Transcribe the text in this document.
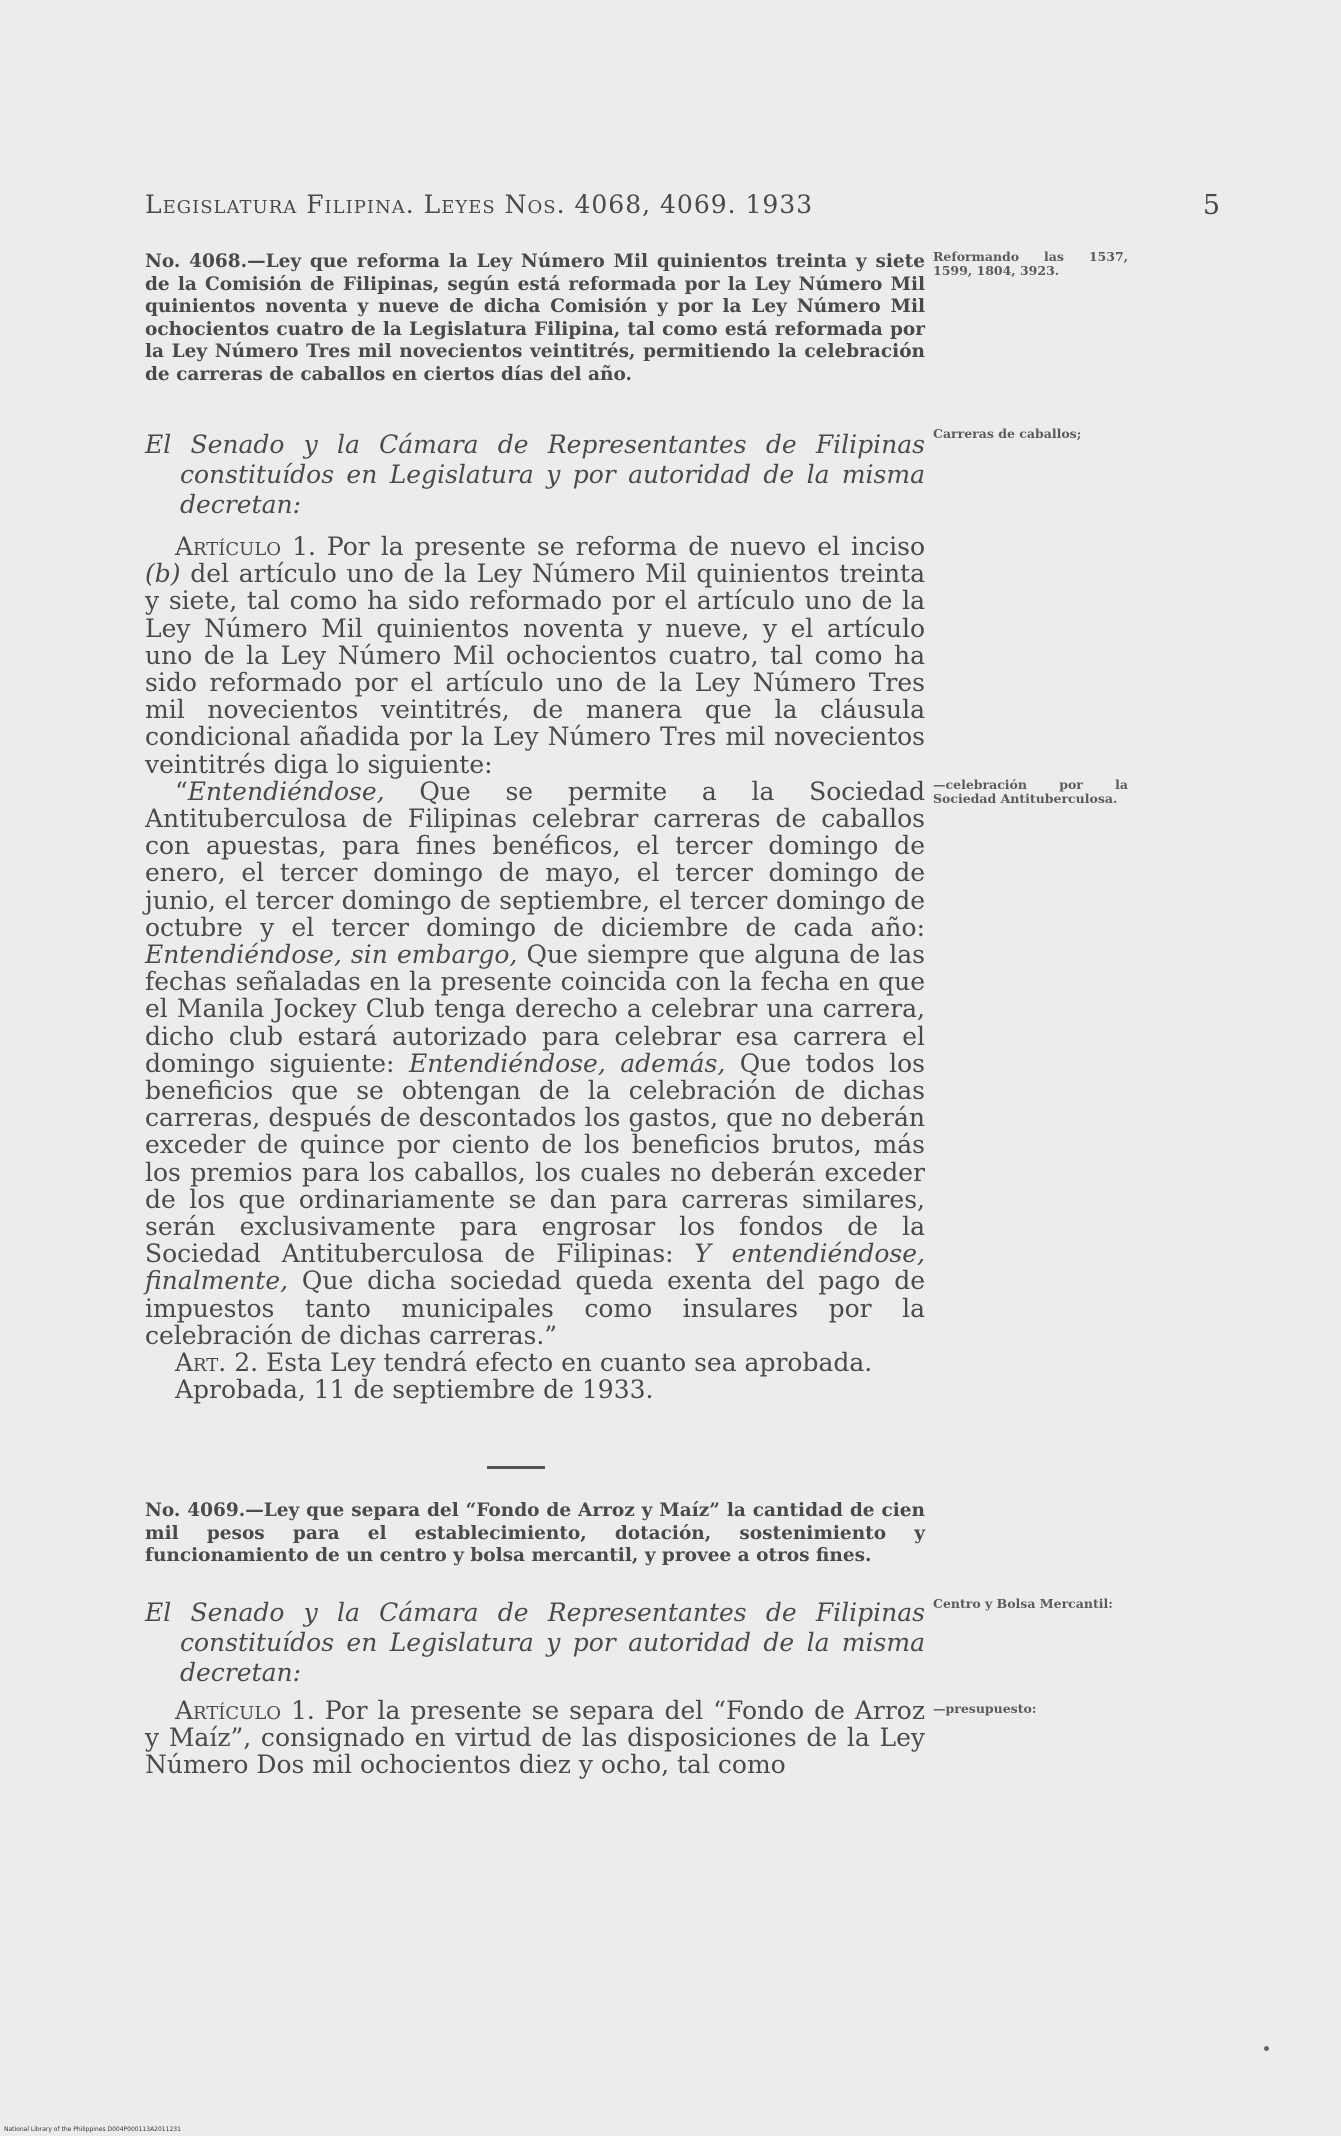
Legislatura Filipina. Leyes Nos. 4068, 4069. 1933	5

No. 4068.—Ley que reforma la Ley Número Mil quinientos treinta y siete de la Comisión de Filipinas, según está reformada por la Ley Número Mil quinientos noventa y nueve de dicha Comisión y por la Ley Número Mil ochocientos cuatro de la Legislatura Filipina, tal como está reformada por la Ley Número Tres mil novecientos veintitrés, permitiendo la celebración de carreras de caballos en ciertos días del año.

El Senado y la Cámara de Representantes de Filipinas constituídos en Legislatura y por autoridad de la misma decretan:

Artículo 1. Por la presente se reforma de nuevo el inciso (b) del artículo uno de la Ley Número Mil quinientos treinta y siete, tal como ha sido reformado por el artículo uno de la Ley Número Mil quinientos noventa y nueve, y el artículo uno de la Ley Número Mil ochocientos cuatro, tal como ha sido reformado por el artículo uno de la Ley Número Tres mil novecientos veintitrés, de manera que la cláusula condicional añadida por la Ley Número Tres mil novecientos veintitrés diga lo siguiente:

“Entendiéndose, Que se permite a la Sociedad Antituberculosa de Filipinas celebrar carreras de caballos con apuestas, para fines benéficos, el tercer domingo de enero, el tercer domingo de mayo, el tercer domingo de junio, el tercer domingo de septiembre, el tercer domingo de octubre y el tercer domingo de diciembre de cada año: Entendiéndose, sin embargo, Que siempre que alguna de las fechas señaladas en la presente coincida con la fecha en que el Manila Jockey Club tenga derecho a celebrar una carrera, dicho club estará autorizado para celebrar esa carrera el domingo siguiente: Entendiéndose, además, Que todos los beneficios que se obtengan de la celebración de dichas carreras, después de descontados los gastos, que no deberán exceder de quince por ciento de los beneficios brutos, más los premios para los caballos, los cuales no deberán exceder de los que ordinariamente se dan para carreras similares, serán exclusivamente para engrosar los fondos de la Sociedad Antituberculosa de Filipinas: Y entendiéndose, finalmente, Que dicha sociedad queda exenta del pago de impuestos tanto municipales como insulares por la celebración de dichas carreras.”

Art. 2. Esta Ley tendrá efecto en cuanto sea aprobada.

Aprobada, 11 de septiembre de 1933.

No. 4069.—Ley que separa del “Fondo de Arroz y Maíz” la cantidad de cien mil pesos para el establecimiento, dotación, sostenimiento y funcionamiento de un centro y bolsa mercantil, y provee a otros fines.

El Senado y la Cámara de Representantes de Filipinas constituídos en Legislatura y por autoridad de la misma decretan:

Artículo 1. Por la presente se separa del “Fondo de Arroz y Maíz”, consignado en virtud de las disposiciones de la Ley Número Dos mil ochocientos diez y ocho, tal como

Reformando las 1537, 1599, 1804, 3923.
Carreras de caballos;
—celebración por la Sociedad Antituberculosa.
Centro y Bolsa Mercantil:
—presupuesto:
National Library of the Philippines D004P000113A2011231
